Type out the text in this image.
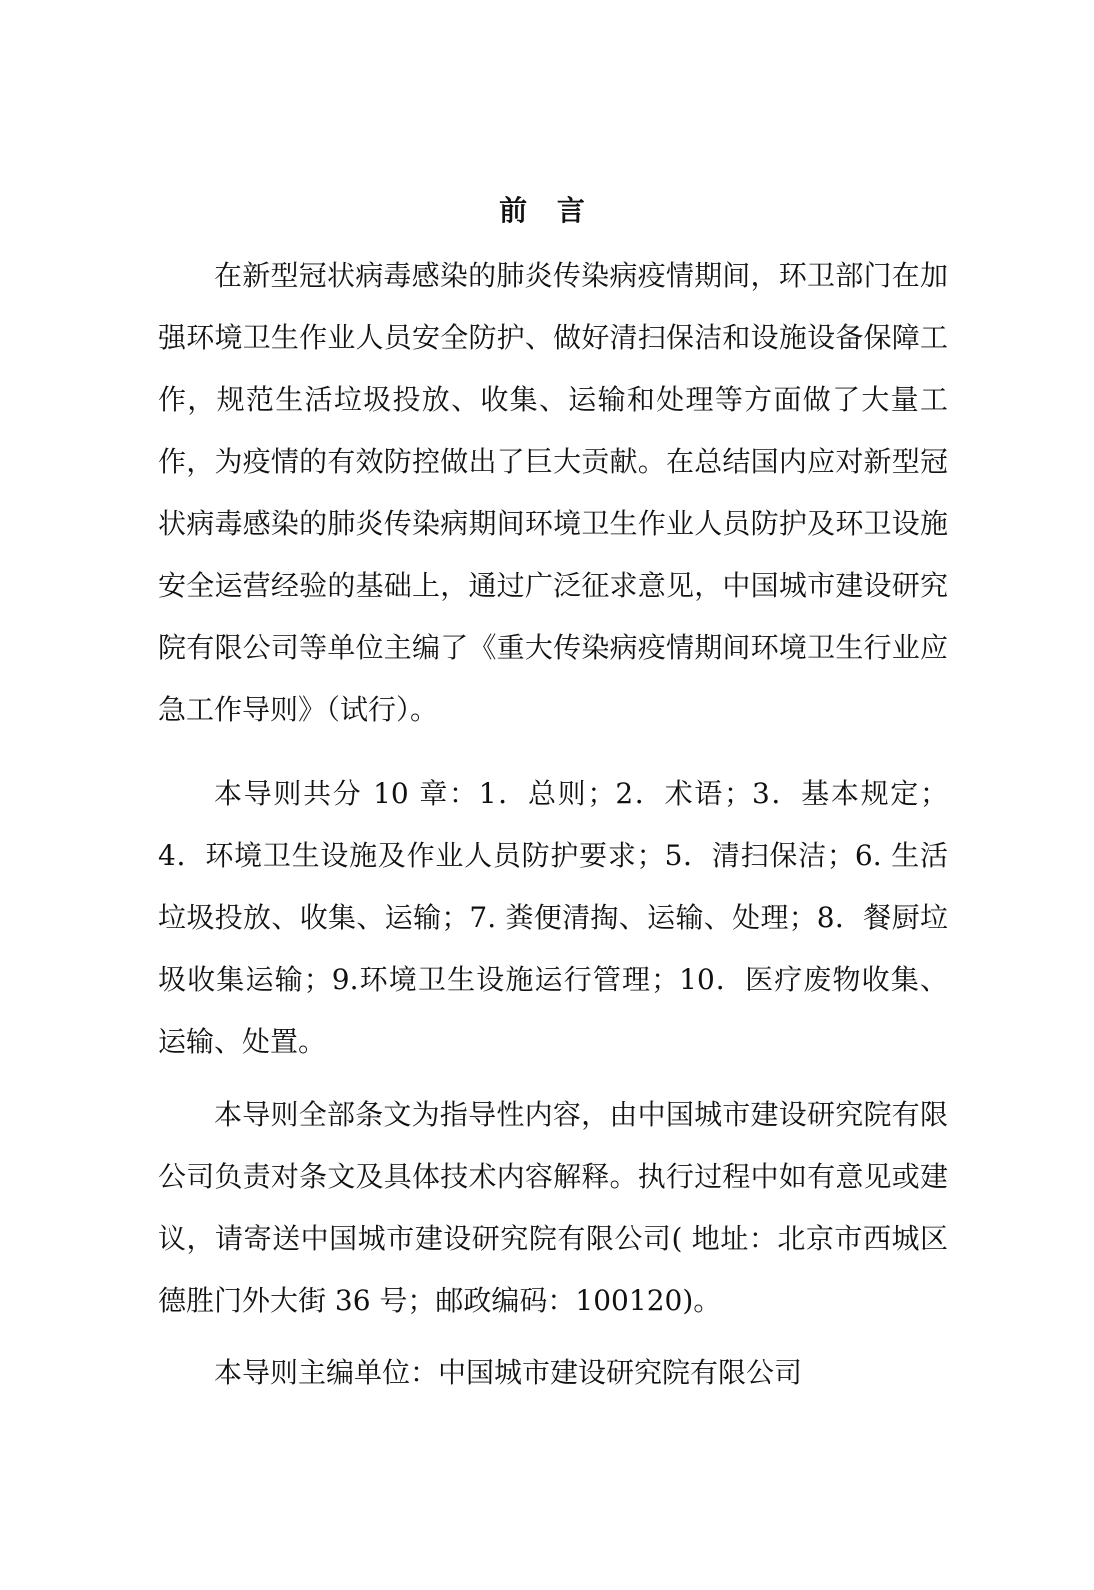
前 言

在新型冠状病毒感染的肺炎传染病疫情期间，环卫部门在加强环境卫生作业人员安全防护、做好清扫保洁和设施设备保障工作，规范生活垃圾投放、收集、运输和处理等方面做了大量工作，为疫情的有效防控做出了巨大贡献。在总结国内应对新型冠状病毒感染的肺炎传染病期间环境卫生作业人员防护及环卫设施安全运营经验的基础上，通过广泛征求意见，中国城市建设研究院有限公司等单位主编了《重大传染病疫情期间环境卫生行业应急工作导则》（试行）。

本导则共分 10 章：1．总则；2．术语；3．基本规定；4．环境卫生设施及作业人员防护要求；5．清扫保洁；6. 生活垃圾投放、收集、运输；7. 粪便清掏、运输、处理；8．餐厨垃圾收集运输；9.环境卫生设施运行管理；10．医疗废物收集、运输、处置。

本导则全部条文为指导性内容，由中国城市建设研究院有限公司负责对条文及具体技术内容解释。执行过程中如有意见或建议，请寄送中国城市建设研究院有限公司( 地址：北京市西城区德胜门外大街 36 号；邮政编码：100120)。

本导则主编单位：中国城市建设研究院有限公司
